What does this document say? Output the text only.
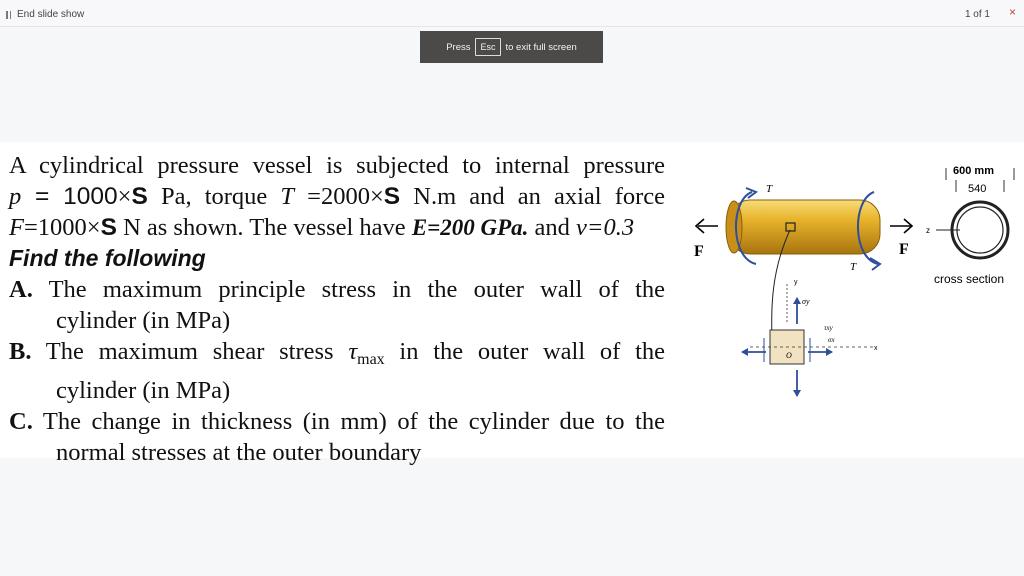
End slide show	1 of 1 ×
Press	Esc	to exit full screen
A cylindrical pressure vessel is subjected to internal pressure
p = 1000×S Pa, torque T =2000×S N.m and an axial force
F=1000×S N as shown. The vessel have E=200 GPa. and ν=0.3
Find the following
A. The maximum principle stress in the outer wall of the
cylinder (in MPa)
B. The maximum shear stress $\tau_{max}$ in the outer wall of the
cylinder (in MPa)
C. The change in thickness (in mm) of the cylinder due to the
normal stresses at the outer boundary
F
T
T
F
600 mm
540
z
cross section
y
x
O
σy
σx
τxy
